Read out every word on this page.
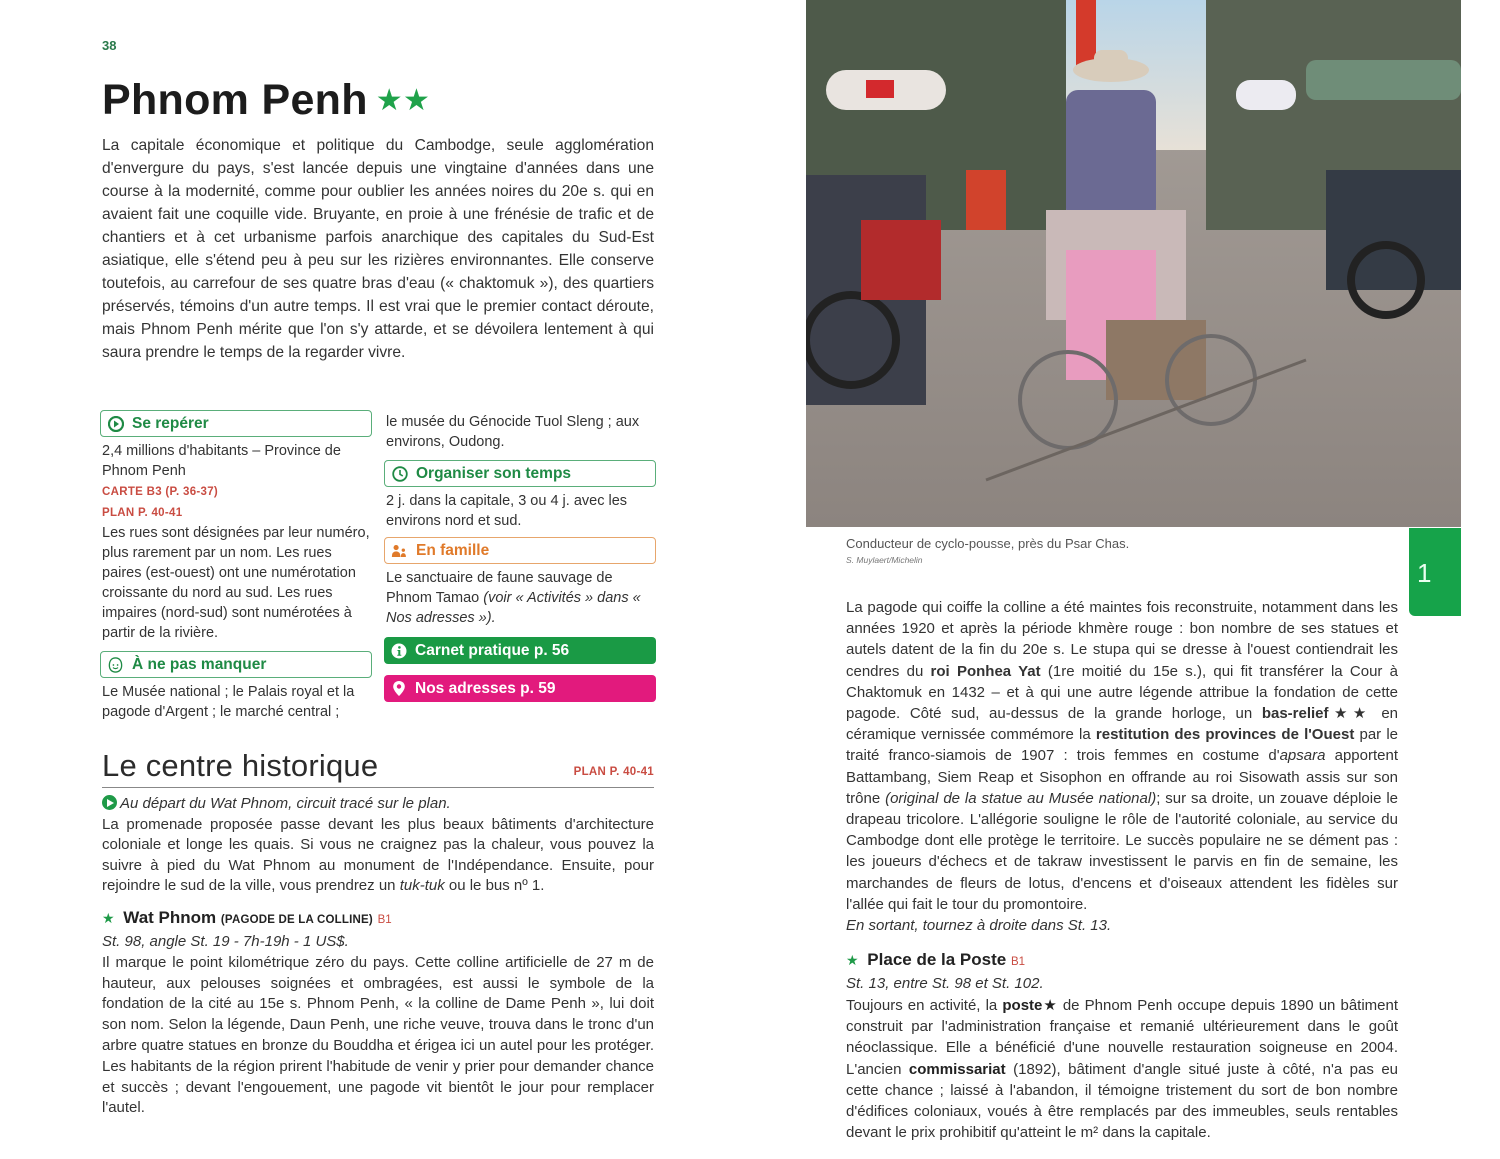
38
Phnom Penh ★★

La capitale économique et politique du Cambodge, seule agglomération d'envergure du pays, s'est lancée depuis une vingtaine d'années dans une course à la modernité, comme pour oublier les années noires du 20e s. qui en avaient fait une coquille vide. Bruyante, en proie à une frénésie de trafic et de chantiers et à cet urbanisme parfois anarchique des capitales du Sud-Est asiatique, elle s'étend peu à peu sur les rizières environnantes. Elle conserve toutefois, au carrefour de ses quatre bras d'eau (« chaktomuk »), des quartiers préservés, témoins d'un autre temps. Il est vrai que le premier contact déroute, mais Phnom Penh mérite que l'on s'y attarde, et se dévoilera lentement à qui saura prendre le temps de la regarder vivre.

Se repérer
2,4 millions d'habitants – Province de Phnom Penh
CARTE B3 (P. 36-37)
PLAN P. 40-41
Les rues sont désignées par leur numéro, plus rarement par un nom. Les rues paires (est-ouest) ont une numérotation croissante du nord au sud. Les rues impaires (nord-sud) sont numérotées à partir de la rivière.
À ne pas manquer
Le Musée national ; le Palais royal et la pagode d'Argent ; le marché central ;
le musée du Génocide Tuol Sleng ; aux environs, Oudong.
Organiser son temps
2 j. dans la capitale, 3 ou 4 j. avec les environs nord et sud.
En famille
Le sanctuaire de faune sauvage de Phnom Tamao (voir « Activités » dans « Nos adresses »).
Carnet pratique p. 56
Nos adresses p. 59
Le centre historique	PLAN P. 40-41
Au départ du Wat Phnom, circuit tracé sur le plan.
La promenade proposée passe devant les plus beaux bâtiments d'architecture coloniale et longe les quais. Si vous ne craignez pas la chaleur, vous pouvez la suivre à pied du Wat Phnom au monument de l'Indépendance. Ensuite, pour rejoindre le sud de la ville, vous prendrez un tuk-tuk ou le bus nº 1.
★ Wat Phnom (PAGODE DE LA COLLINE) B1
St. 98, angle St. 19 - 7h-19h - 1 US$.
Il marque le point kilométrique zéro du pays. Cette colline artificielle de 27 m de hauteur, aux pelouses soignées et ombragées, est aussi le symbole de la fondation de la cité au 15e s. Phnom Penh, « la colline de Dame Penh », lui doit son nom. Selon la légende, Daun Penh, une riche veuve, trouva dans le tronc d'un arbre quatre statues en bronze du Bouddha et érigea ici un autel pour les protéger. Les habitants de la région prirent l'habitude de venir y prier pour demander chance et succès ; devant l'engouement, une pagode vit bientôt le jour pour remplacer l'autel.
Conducteur de cyclo-pousse, près du Psar Chas.
S. Muylaert/Michelin	1
La pagode qui coiffe la colline a été maintes fois reconstruite, notamment dans les années 1920 et après la période khmère rouge : bon nombre de ses statues et autels datent de la fin du 20e s. Le stupa qui se dresse à l'ouest contiendrait les cendres du roi Ponhea Yat (1re moitié du 15e s.), qui fit transférer la Cour à Chaktomuk en 1432 – et à qui une autre légende attribue la fondation de cette pagode. Côté sud, au-dessus de la grande horloge, un bas-relief★★ en céramique vernissée commémore la restitution des provinces de l'Ouest par le traité franco-siamois de 1907 : trois femmes en costume d'apsara apportent Battambang, Siem Reap et Sisophon en offrande au roi Sisowath assis sur son trône (original de la statue au Musée national); sur sa droite, un zouave déploie le drapeau tricolore. L'allégorie souligne le rôle de l'autorité coloniale, au service du Cambodge dont elle protège le territoire. Le succès populaire ne se dément pas : les joueurs d'échecs et de takraw investissent le parvis en fin de semaine, les marchandes de fleurs de lotus, d'encens et d'oiseaux attendent les fidèles sur l'allée qui fait le tour du promontoire.
En sortant, tournez à droite dans St. 13.
★ Place de la Poste B1
St. 13, entre St. 98 et St. 102.
Toujours en activité, la poste★ de Phnom Penh occupe depuis 1890 un bâtiment construit par l'administration française et remanié ultérieurement dans le goût néoclassique. Elle a bénéficié d'une nouvelle restauration soigneuse en 2004. L'ancien commissariat (1892), bâtiment d'angle situé juste à côté, n'a pas eu cette chance ; laissé à l'abandon, il témoigne tristement du sort de bon nombre d'édifices coloniaux, voués à être remplacés par des immeubles, seuls rentables devant le prix prohibitif qu'atteint le m² dans la capitale.
